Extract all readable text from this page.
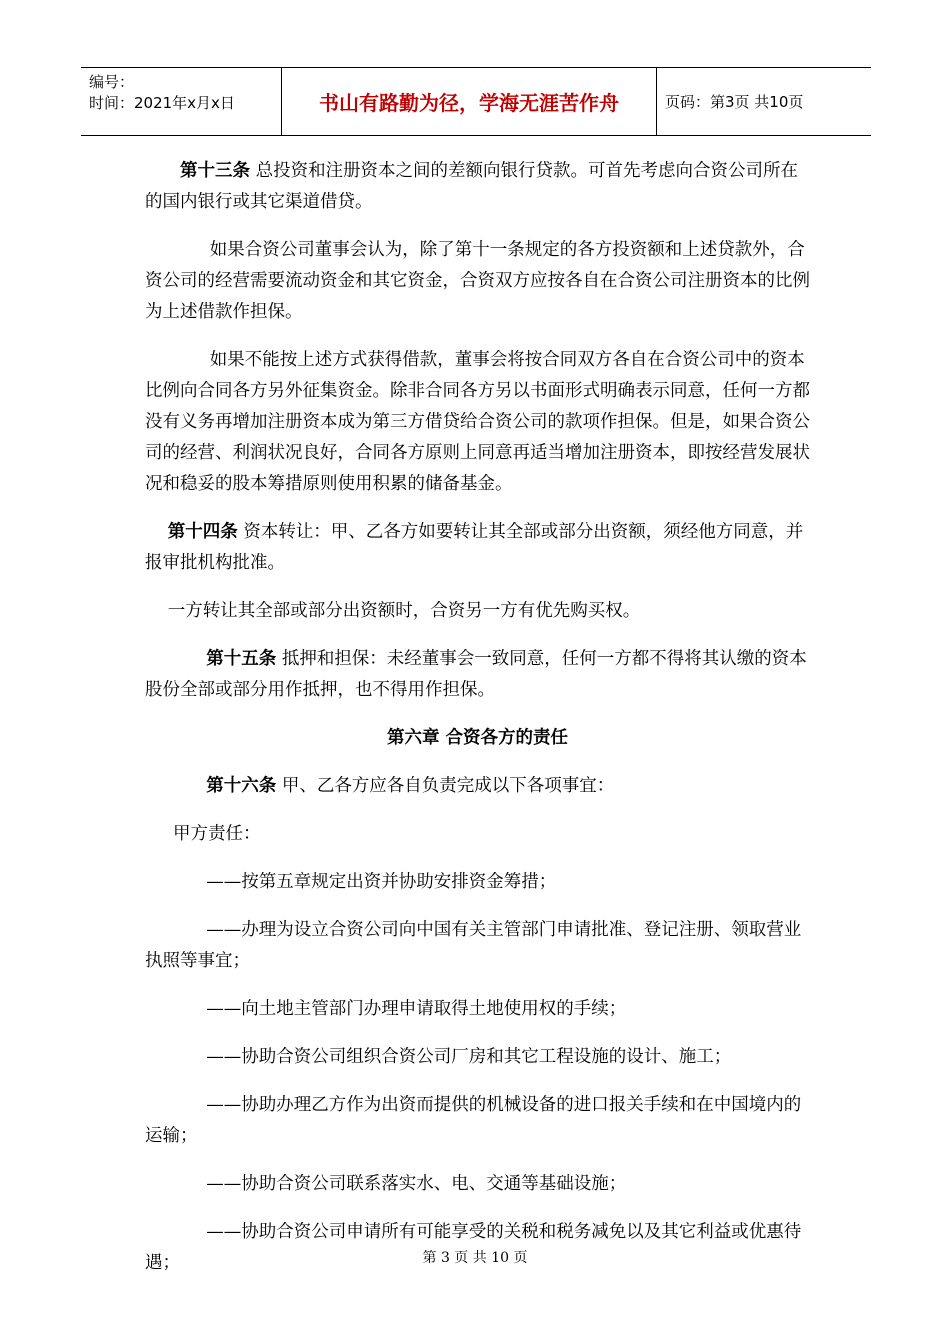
编号：
时间：2021年x月x日	书山有路勤为径，学海无涯苦作舟	页码：第3页 共10页

第十三条 总投资和注册资本之间的差额向银行贷款。可首先考虑向合资公司所在的国内银行或其它渠道借贷。

如果合资公司董事会认为，除了第十一条规定的各方投资额和上述贷款外，合资公司的经营需要流动资金和其它资金，合资双方应按各自在合资公司注册资本的比例为上述借款作担保。

如果不能按上述方式获得借款，董事会将按合同双方各自在合资公司中的资本比例向合同各方另外征集资金。除非合同各方另以书面形式明确表示同意，任何一方都没有义务再增加注册资本成为第三方借贷给合资公司的款项作担保。但是，如果合资公司的经营、利润状况良好，合同各方原则上同意再适当增加注册资本，即按经营发展状况和稳妥的股本筹措原则使用积累的储备基金。

第十四条 资本转让：甲、乙各方如要转让其全部或部分出资额，须经他方同意，并报审批机构批准。

一方转让其全部或部分出资额时，合资另一方有优先购买权。

第十五条 抵押和担保：未经董事会一致同意，任何一方都不得将其认缴的资本股份全部或部分用作抵押，也不得用作担保。

第六章 合资各方的责任

第十六条 甲、乙各方应各自负责完成以下各项事宜：

甲方责任：

——按第五章规定出资并协助安排资金筹措；

——办理为设立合资公司向中国有关主管部门申请批准、登记注册、领取营业执照等事宜；

——向土地主管部门办理申请取得土地使用权的手续；

——协助合资公司组织合资公司厂房和其它工程设施的设计、施工；

——协助办理乙方作为出资而提供的机械设备的进口报关手续和在中国境内的运输；

——协助合资公司联系落实水、电、交通等基础设施；

——协助合资公司申请所有可能享受的关税和税务减免以及其它利益或优惠待遇；	第 3 页 共 10 页
